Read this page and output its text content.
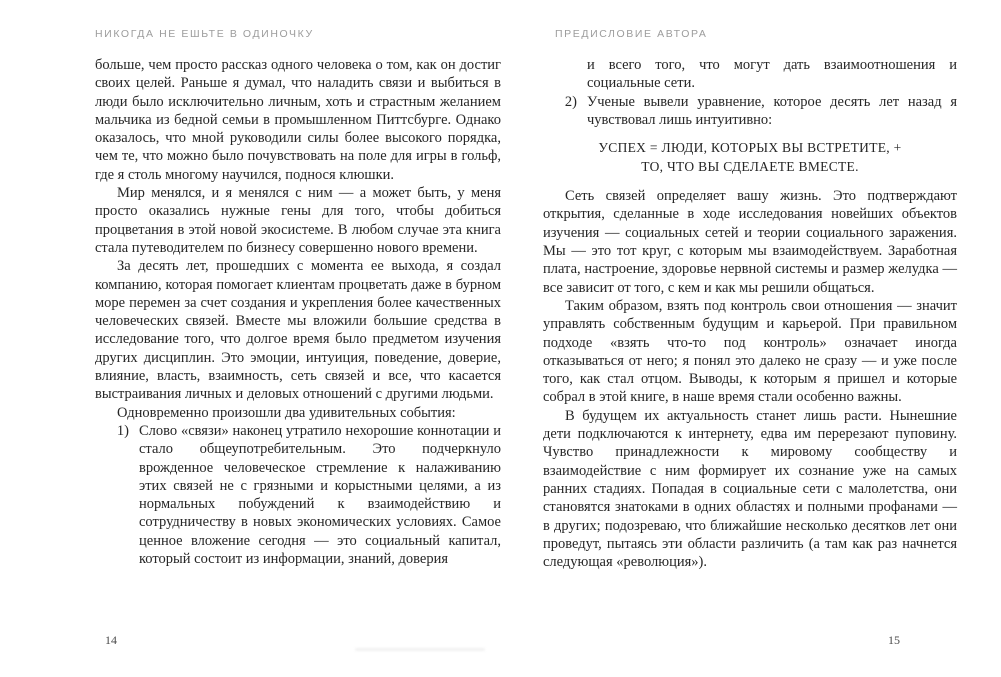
НИКОГДА НЕ ЕШЬТЕ В ОДИНОЧКУ

больше, чем просто рассказ одного человека о том, как он достиг своих целей. Раньше я думал, что наладить связи и выбиться в люди было исключительно личным, хоть и страстным желанием мальчика из бедной семьи в промышленном Питтсбурге. Однако оказалось, что мной руководили силы более высокого порядка, чем те, что можно было почувствовать на поле для игры в гольф, где я столь многому научился, поднося клюшки.

Мир менялся, и я менялся с ним — а может быть, у меня просто оказались нужные гены для того, чтобы добиться процветания в этой новой экосистеме. В любом случае эта книга стала путеводителем по бизнесу совершенно нового времени.

За десять лет, прошедших с момента ее выхода, я создал компанию, которая помогает клиентам процветать даже в бурном море перемен за счет создания и укрепления более качественных человеческих связей. Вместе мы вложили большие средства в исследование того, что долгое время было предметом изучения других дисциплин. Это эмоции, интуиция, поведение, доверие, влияние, власть, взаимность, сеть связей и все, что касается выстраивания личных и деловых отношений с другими людьми.

Одновременно произошли два удивительных события:

1) Слово «связи» наконец утратило нехорошие коннотации и стало общеупотребительным. Это подчеркнуло врожденное человеческое стремление к налаживанию этих связей не с грязными и корыстными целями, а из нормальных побуждений к взаимодействию и сотрудничеству в новых экономических условиях. Самое ценное вложение сегодня — это социальный капитал, который состоит из информации, знаний, доверия
ПРЕДИСЛОВИЕ АВТОРА
и всего того, что могут дать взаимоотношения и социальные сети.
2) Ученые вывели уравнение, которое десять лет назад я чувствовал лишь интуитивно:
УСПЕХ = ЛЮДИ, КОТОРЫХ ВЫ ВСТРЕТИТЕ, +
ТО, ЧТО ВЫ СДЕЛАЕТЕ ВМЕСТЕ.

Сеть связей определяет вашу жизнь. Это подтверждают открытия, сделанные в ходе исследования новейших объектов изучения — социальных сетей и теории социального заражения. Мы — это тот круг, с которым мы взаимодействуем. Заработная плата, настроение, здоровье нервной системы и размер желудка — все зависит от того, с кем и как мы решили общаться.

Таким образом, взять под контроль свои отношения — значит управлять собственным будущим и карьерой. При правильном подходе «взять что-то под контроль» означает иногда отказываться от него; я понял это далеко не сразу — и уже после того, как стал отцом. Выводы, к которым я пришел и которые собрал в этой книге, в наше время стали особенно важны.

В будущем их актуальность станет лишь расти. Нынешние дети подключаются к интернету, едва им перерезают пуповину. Чувство принадлежности к мировому сообществу и взаимодействие с ним формирует их сознание уже на самых ранних стадиях. Попадая в социальные сети с малолетства, они становятся знатоками в одних областях и полными профанами — в других; подозреваю, что ближайшие несколько десятков лет они проведут, пытаясь эти области различить (а там как раз начнется следующая «революция»).

14	15
